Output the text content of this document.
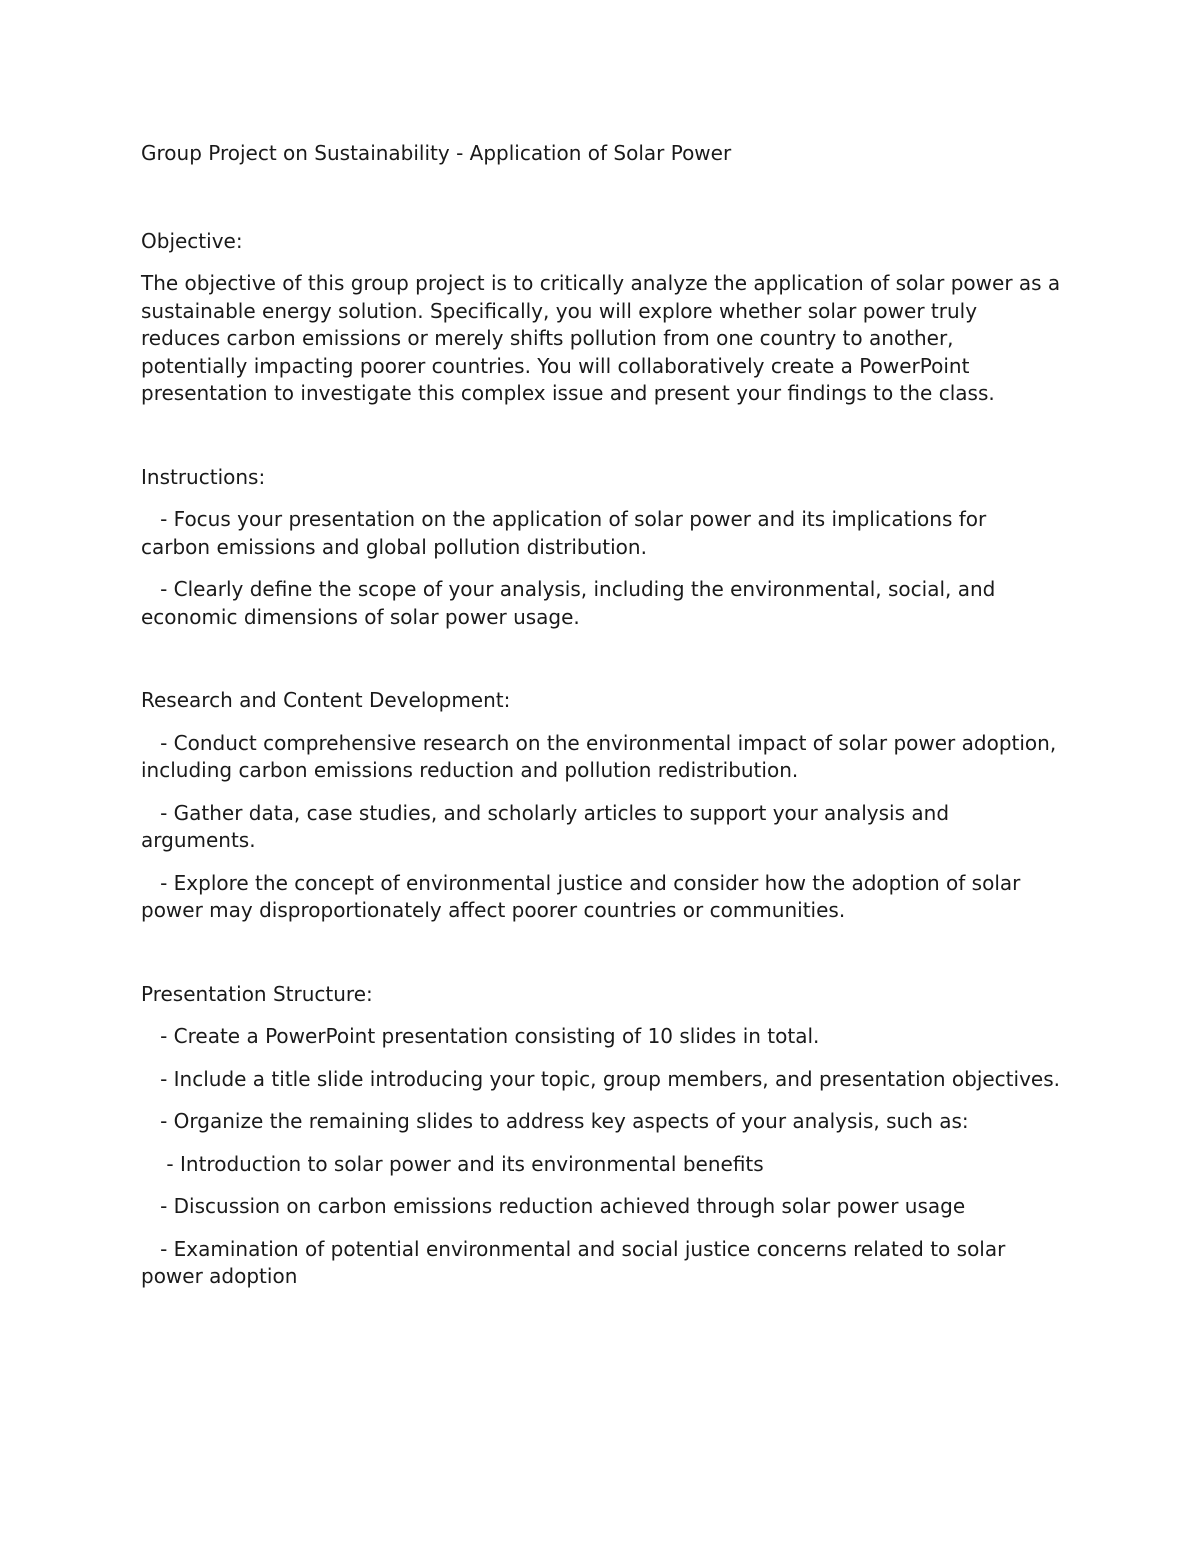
Group Project on Sustainability - Application of Solar Power
Objective:

The objective of this group project is to critically analyze the application of solar power as a sustainable energy solution. Specifically, you will explore whether solar power truly reduces carbon emissions or merely shifts pollution from one country to another, potentially impacting poorer countries. You will collaboratively create a PowerPoint presentation to investigate this complex issue and present your findings to the class.

Instructions:

- Focus your presentation on the application of solar power and its implications for carbon emissions and global pollution distribution.

- Clearly define the scope of your analysis, including the environmental, social, and economic dimensions of solar power usage.

Research and Content Development:

- Conduct comprehensive research on the environmental impact of solar power adoption, including carbon emissions reduction and pollution redistribution.

- Gather data, case studies, and scholarly articles to support your analysis and arguments.

- Explore the concept of environmental justice and consider how the adoption of solar power may disproportionately affect poorer countries or communities.

Presentation Structure:

- Create a PowerPoint presentation consisting of 10 slides in total.

- Include a title slide introducing your topic, group members, and presentation objectives.

- Organize the remaining slides to address key aspects of your analysis, such as:

- Introduction to solar power and its environmental benefits

- Discussion on carbon emissions reduction achieved through solar power usage

- Examination of potential environmental and social justice concerns related to solar power adoption
